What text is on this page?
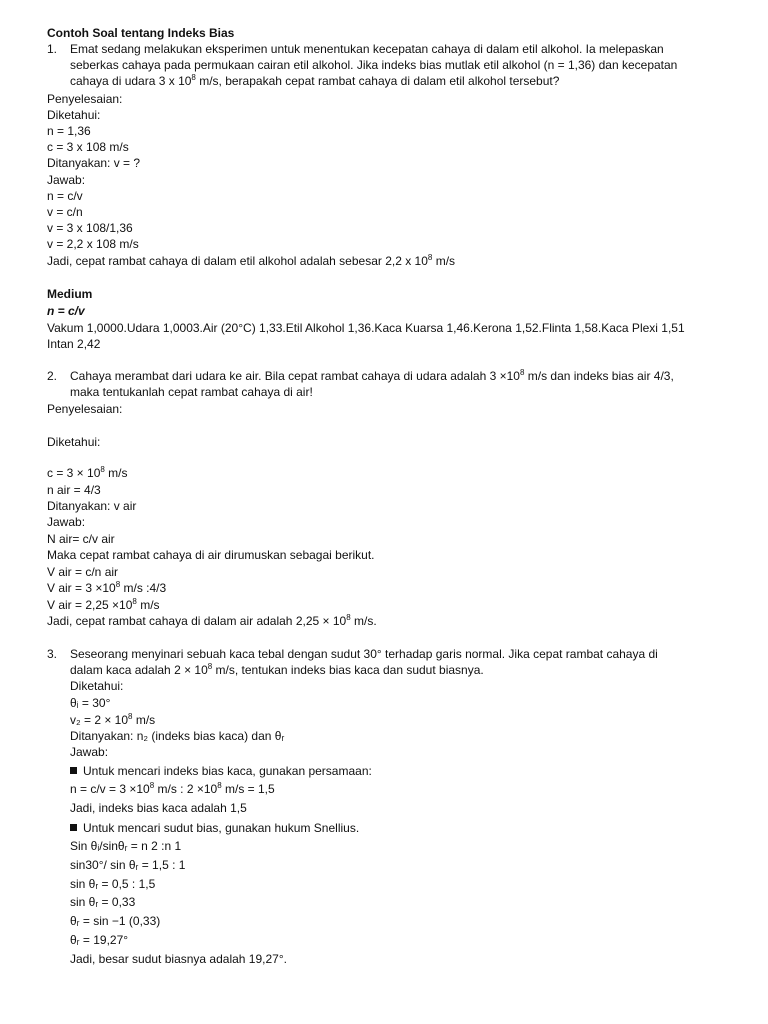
Contoh Soal tentang Indeks Bias
1. Emat sedang melakukan eksperimen untuk menentukan kecepatan cahaya di dalam etil alkohol. Ia melepaskan
seberkas cahaya pada permukaan cairan etil alkohol. Jika indeks bias mutlak etil alkohol (n = 1,36) dan kecepatan
cahaya di udara 3 x $10^8$ m/s, berapakah cepat rambat cahaya di dalam etil alkohol tersebut?
Penyelesaian:
Diketahui:
n = 1,36
c = 3 x 108 m/s
Ditanyakan: v = ?
Jawab:
n = c/v
v = c/n
v = 3 x 108/1,36
v = 2,2 x 108 m/s
Jadi, cepat rambat cahaya di dalam etil alkohol adalah sebesar 2,2 x $10^8$ m/s
Medium
n = c/v
Vakum 1,0000.Udara 1,0003.Air (20°C) 1,33.Etil Alkohol 1,36.Kaca Kuarsa 1,46.Kerona 1,52.Flinta 1,58.Kaca Plexi 1,51
Intan 2,42
2. Cahaya merambat dari udara ke air. Bila cepat rambat cahaya di udara adalah $3 \times 10^8$ m/s dan indeks bias air 4/3,
maka tentukanlah cepat rambat cahaya di air!
Penyelesaian:
Diketahui:
$c = 3 \times 10^8$ m/s
n air = 4/3
Ditanyakan: v air
Jawab:
N air= c/v air
Maka cepat rambat cahaya di air dirumuskan sebagai berikut.
V air = c/n air
V air = $3 \times 10^8$ m/s :4/3
V air = $2,25 \times 10^8$ m/s
Jadi, cepat rambat cahaya di dalam air adalah $2,25 \times 10^8$ m/s.
3. Seseorang menyinari sebuah kaca tebal dengan sudut 30° terhadap garis normal. Jika cepat rambat cahaya di
dalam kaca adalah $2 \times 10^8$ m/s, tentukan indeks bias kaca dan sudut biasnya.
Diketahui:
θᵢ = 30°
$v_2 = 2 \times 10^8$ m/s
Ditanyakan: n₂ (indeks bias kaca) dan θᵣ
Jawab:
Untuk mencari indeks bias kaca, gunakan persamaan:
$n = c/v = 3 \times 10^8$ m/s : $2 \times 10^8$ m/s = 1,5
Jadi, indeks bias kaca adalah 1,5
Untuk mencari sudut bias, gunakan hukum Snellius.
Sin θᵢ/sinθᵣ = n 2 :n 1
sin30°/ sin θᵣ = 1,5 : 1
sin θᵣ = 0,5 : 1,5
sin θᵣ = 0,33
θᵣ = sin −1 (0,33)
θᵣ = 19,27°
Jadi, besar sudut biasnya adalah 19,27°.
